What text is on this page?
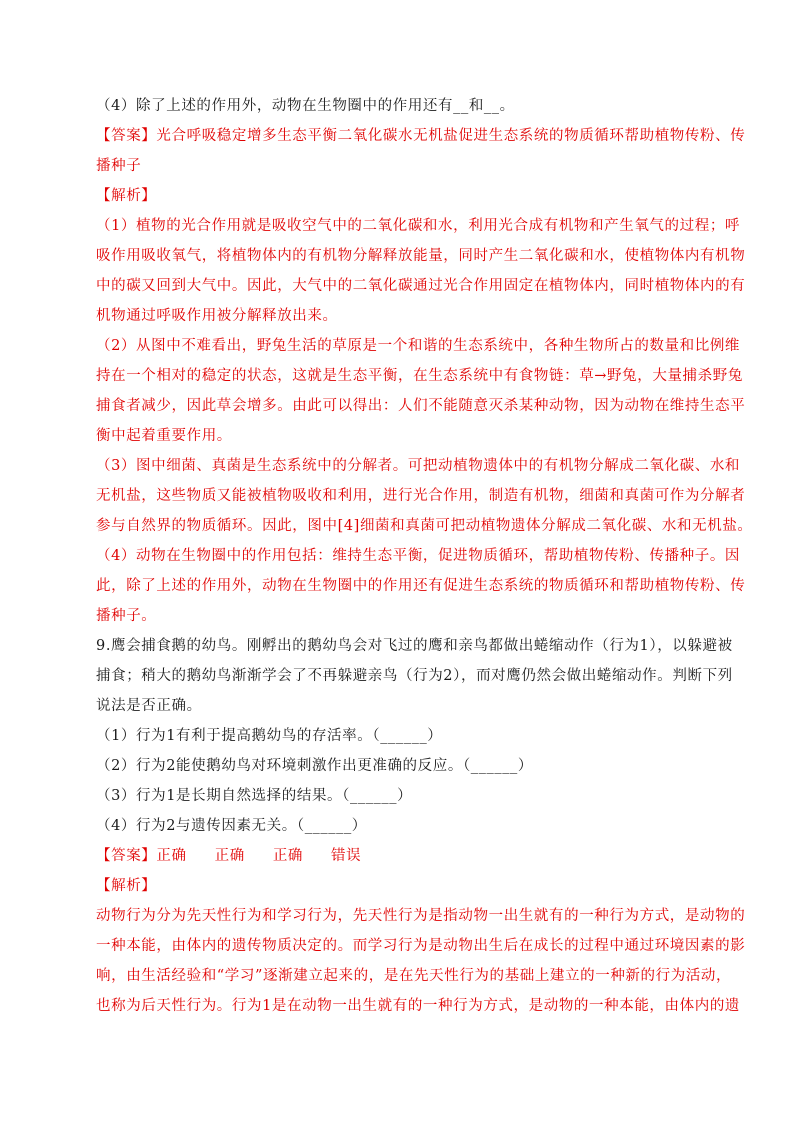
（4）除了上述的作用外，动物在生物圈中的作用还有__和__。
【答案】光合呼吸稳定增多生态平衡二氧化碳水无机盐促进生态系统的物质循环帮助植物传粉、传
播种子
【解析】
（1）植物的光合作用就是吸收空气中的二氧化碳和水，利用光合成有机物和产生氧气的过程；呼
吸作用吸收氧气，将植物体内的有机物分解释放能量，同时产生二氧化碳和水，使植物体内有机物
中的碳又回到大气中。因此，大气中的二氧化碳通过光合作用固定在植物体内，同时植物体内的有
机物通过呼吸作用被分解释放出来。
（2）从图中不难看出，野兔生活的草原是一个和谐的生态系统中，各种生物所占的数量和比例维
持在一个相对的稳定的状态，这就是生态平衡，在生态系统中有食物链：草→野兔，大量捕杀野兔
捕食者减少，因此草会增多。由此可以得出：人们不能随意灭杀某种动物，因为动物在维持生态平
衡中起着重要作用。
（3）图中细菌、真菌是生态系统中的分解者。可把动植物遗体中的有机物分解成二氧化碳、水和
无机盐，这些物质又能被植物吸收和利用，进行光合作用，制造有机物，细菌和真菌可作为分解者
参与自然界的物质循环。因此，图中[4]细菌和真菌可把动植物遗体分解成二氧化碳、水和无机盐。
（4）动物在生物圈中的作用包括：维持生态平衡，促进物质循环，帮助植物传粉、传播种子。因
此，除了上述的作用外，动物在生物圈中的作用还有促进生态系统的物质循环和帮助植物传粉、传
播种子。
9.鹰会捕食鹅的幼鸟。刚孵出的鹅幼鸟会对飞过的鹰和亲鸟都做出蜷缩动作（行为1），以躲避被
捕食；稍大的鹅幼鸟渐渐学会了不再躲避亲鸟（行为2），而对鹰仍然会做出蜷缩动作。判断下列
说法是否正确。
（1）行为1有利于提高鹅幼鸟的存活率。（______）
（2）行为2能使鹅幼鸟对环境刺激作出更准确的反应。（______）
（3）行为1是长期自然选择的结果。（______）
（4）行为2与遗传因素无关。（______）
【答案】正确 正确 正确 错误
【解析】
动物行为分为先天性行为和学习行为，先天性行为是指动物一出生就有的一种行为方式，是动物的
一种本能，由体内的遗传物质决定的。而学习行为是动物出生后在成长的过程中通过环境因素的影
响，由生活经验和“学习”逐渐建立起来的，是在先天性行为的基础上建立的一种新的行为活动，
也称为后天性行为。行为1是在动物一出生就有的一种行为方式，是动物的一种本能，由体内的遗
